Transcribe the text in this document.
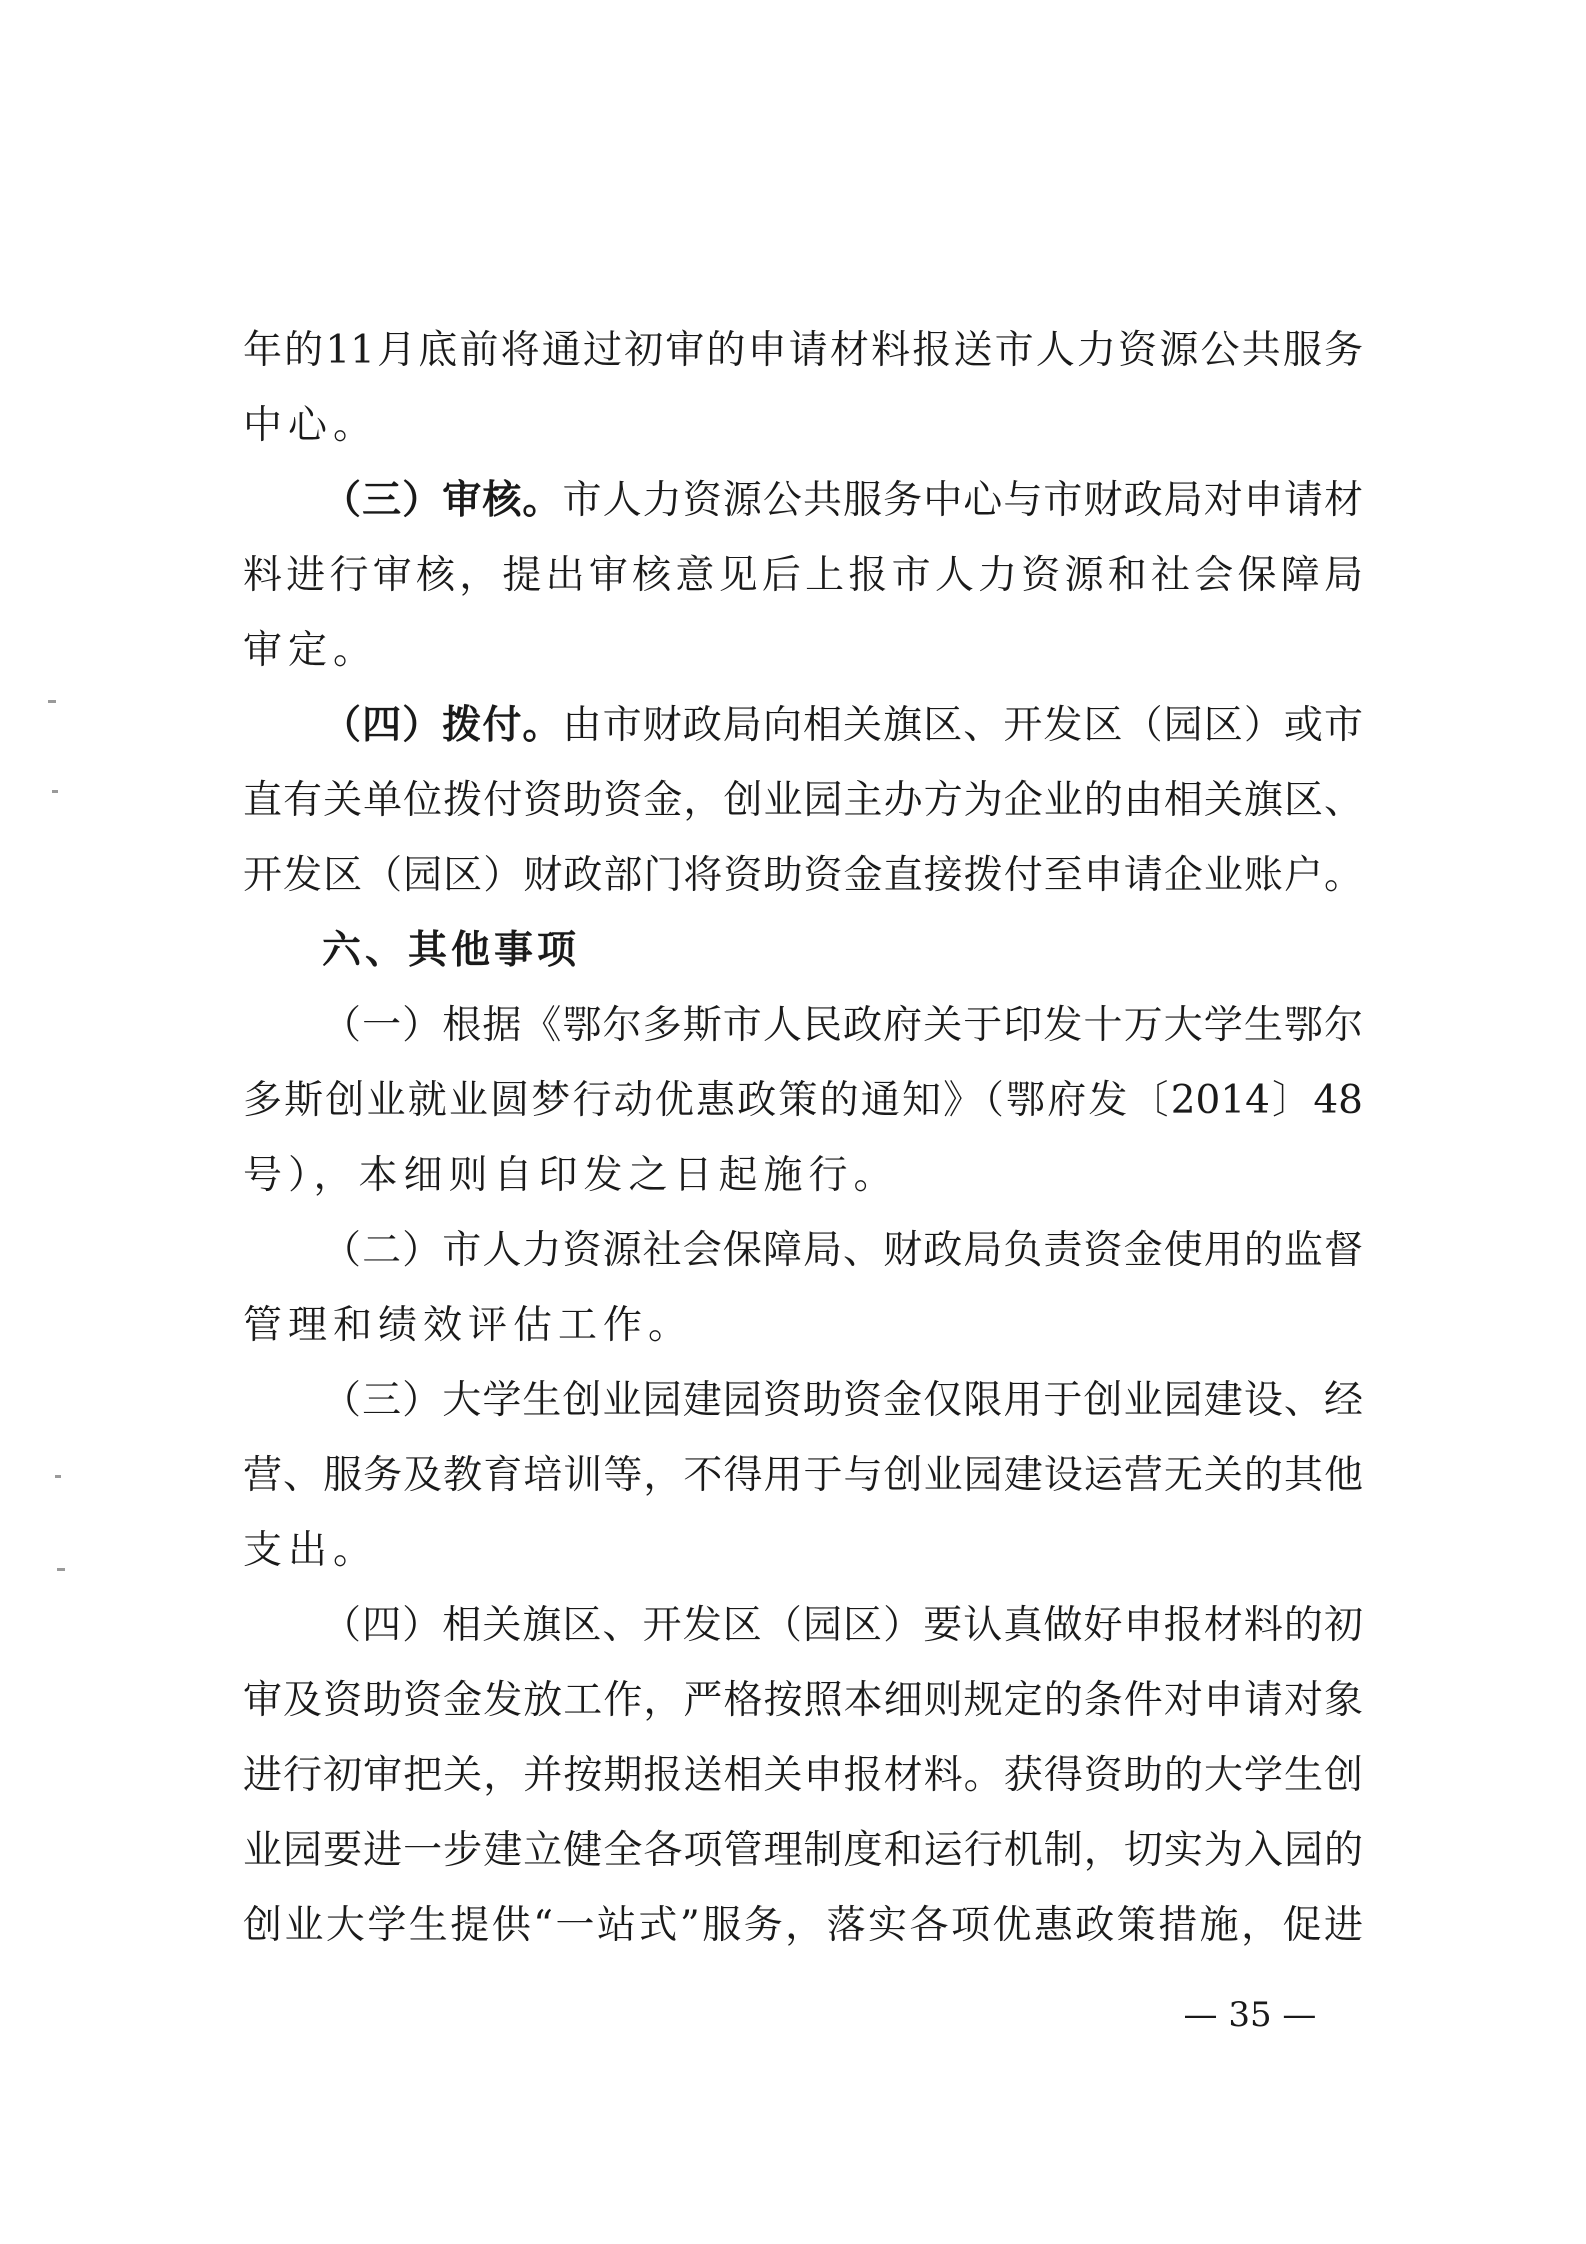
年的11月底前将通过初审的申请材料报送市人力资源公共服务
中心。
（三）审核。市人力资源公共服务中心与市财政局对申请材
料进行审核，提出审核意见后上报市人力资源和社会保障局
审定。
（四）拨付。由市财政局向相关旗区、开发区（园区）或市
直有关单位拨付资助资金，创业园主办方为企业的由相关旗区、
开发区（园区）财政部门将资助资金直接拨付至申请企业账户。
六、其他事项
（一）根据《鄂尔多斯市人民政府关于印发十万大学生鄂尔
多斯创业就业圆梦行动优惠政策的通知》（鄂府发〔2014〕48
号），本细则自印发之日起施行。
（二）市人力资源社会保障局、财政局负责资金使用的监督
管理和绩效评估工作。
（三）大学生创业园建园资助资金仅限用于创业园建设、经
营、服务及教育培训等，不得用于与创业园建设运营无关的其他
支出。
（四）相关旗区、开发区（园区）要认真做好申报材料的初
审及资助资金发放工作，严格按照本细则规定的条件对申请对象
进行初审把关，并按期报送相关申报材料。获得资助的大学生创
业园要进一步建立健全各项管理制度和运行机制，切实为入园的
创业大学生提供“一站式”服务，落实各项优惠政策措施，促进
— 35 —
